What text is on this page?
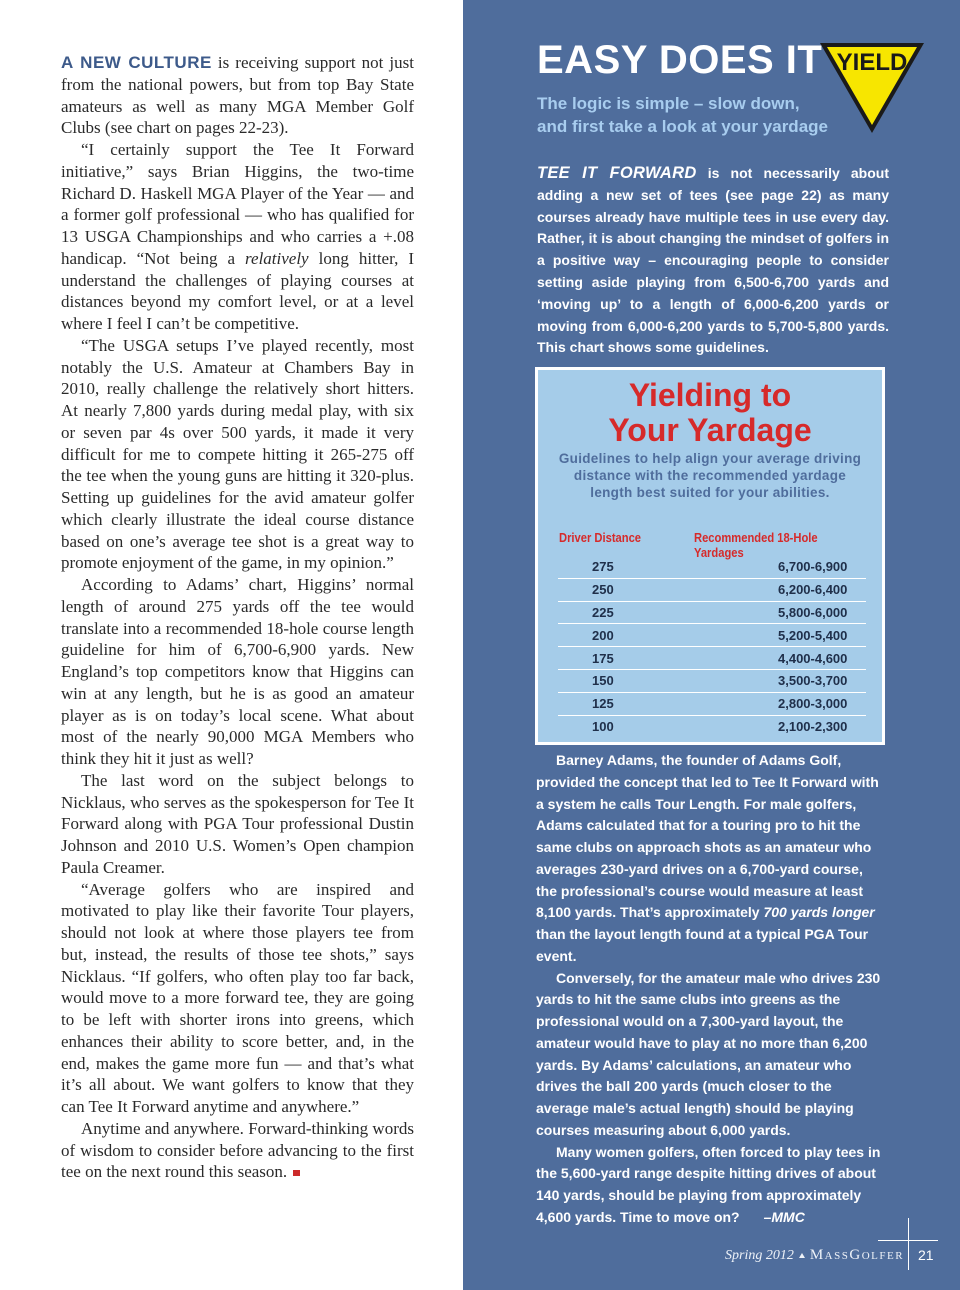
A NEW CULTURE is receiving support not just from the national powers, but from top Bay State amateurs as well as many MGA Member Golf Clubs (see chart on pages 22-23).

“I certainly support the Tee It Forward initiative,” says Brian Higgins, the two-time Richard D. Haskell MGA Player of the Year — and a former golf professional — who has qualified for 13 USGA Championships and who carries a +.08 handicap. “Not being a relatively long hitter, I understand the challenges of playing courses at distances beyond my comfort level, or at a level where I feel I can’t be competitive.

“The USGA setups I’ve played recently, most notably the U.S. Amateur at Chambers Bay in 2010, really challenge the relatively short hitters. At nearly 7,800 yards during medal play, with six or seven par 4s over 500 yards, it made it very difficult for me to compete hitting it 265-275 off the tee when the young guns are hitting it 320-plus. Setting up guidelines for the avid amateur golfer which clearly illustrate the ideal course distance based on one’s average tee shot is a great way to promote enjoyment of the game, in my opinion.”

According to Adams’ chart, Higgins’ normal length of around 275 yards off the tee would translate into a recommended 18-hole course length guideline for him of 6,700-6,900 yards. New England’s top competitors know that Higgins can win at any length, but he is as good an amateur player as is on today’s local scene. What about most of the nearly 90,000 MGA Members who think they hit it just as well?

The last word on the subject belongs to Nicklaus, who serves as the spokesperson for Tee It Forward along with PGA Tour professional Dustin Johnson and 2010 U.S. Women’s Open champion Paula Creamer.

“Average golfers who are inspired and motivated to play like their favorite Tour players, should not look at where those players tee from but, instead, the results of those tee shots,” says Nicklaus. “If golfers, who often play too far back, would move to a more forward tee, they are going to be left with shorter irons into greens, which enhances their ability to score better, and, in the end, makes the game more fun — and that’s what it’s all about. We want golfers to know that they can Tee It Forward anytime and anywhere.”

Anytime and anywhere. Forward-thinking words of wisdom to consider before advancing to the first tee on the next round this season.

EASY DOES IT YIELD
The logic is simple – slow down,
and first take a look at your yardage
TEE IT FORWARD is not necessarily about adding a new set of tees (see page 22) as many courses already have multiple tees in use every day. Rather, it is about changing the mindset of golfers in a positive way – encouraging people to consider setting aside playing from 6,500-6,700 yards and ‘moving up’ to a length of 6,000-6,200 yards or moving from 6,000-6,200 yards to 5,700-5,800 yards. This chart shows some guidelines.
Yielding to
Your Yardage
Guidelines to help align your average driving distance with the recommended yardage length best suited for your abilities.
Driver Distance	Recommended 18-Hole Yardages
275	6,700-6,900
250	6,200-6,400
225	5,800-6,000
200	5,200-5,400
175	4,400-4,600
150	3,500-3,700
125	2,800-3,000
100	2,100-2,300

Barney Adams, the founder of Adams Golf, provided the concept that led to Tee It Forward with a system he calls Tour Length. For male golfers, Adams calculated that for a touring pro to hit the same clubs on approach shots as an amateur who averages 230-yard drives on a 6,700-yard course, the professional’s course would measure at least 8,100 yards. That’s approximately 700 yards longer than the layout length found at a typical PGA Tour event.

Conversely, for the amateur male who drives 230 yards to hit the same clubs into greens as the professional would on a 7,300-yard layout, the amateur would have to play at no more than 6,200 yards. By Adams’ calculations, an amateur who drives the ball 200 yards (much closer to the average male’s actual length) should be playing courses measuring about 6,000 yards.

Many women golfers, often forced to play tees in the 5,600-yard range despite hitting drives of about 140 yards, should be playing from approximately 4,600 yards. Time to move on? –MMC

Spring 2012 MassGolfer 21
